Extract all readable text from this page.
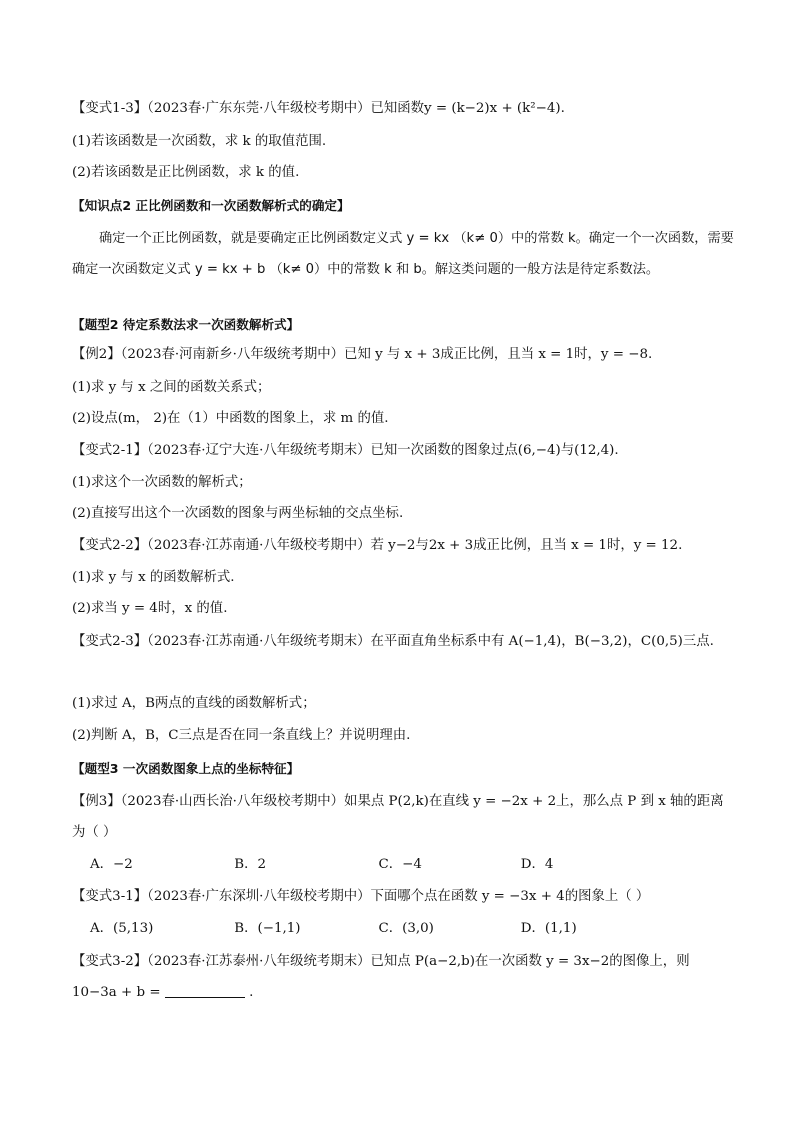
【变式1-3】（2023春·广东东莞·八年级校考期中）已知函数y = (k−2)x + (k²−4).
(1)若该函数是一次函数，求 k 的取值范围.
(2)若该函数是正比例函数，求 k 的值.
【知识点2 正比例函数和一次函数解析式的确定】
确定一个正比例函数，就是要确定正比例函数定义式 y = kx （k≠ 0）中的常数 k。确定一个一次函数，需要确定一次函数定义式 y = kx + b （k≠ 0）中的常数 k 和 b。解这类问题的一般方法是待定系数法。
【题型2 待定系数法求一次函数解析式】
【例2】（2023春·河南新乡·八年级统考期中）已知 y 与 x + 3成正比例，且当 x = 1时，y = −8.
(1)求 y 与 x 之间的函数关系式；
(2)设点(m， 2)在（1）中函数的图象上，求 m 的值.
【变式2-1】（2023春·辽宁大连·八年级统考期末）已知一次函数的图象过点(6,−4)与(12,4).
(1)求这个一次函数的解析式；
(2)直接写出这个一次函数的图象与两坐标轴的交点坐标.
【变式2-2】（2023春·江苏南通·八年级校考期中）若 y−2与2x + 3成正比例，且当 x = 1时，y = 12.
(1)求 y 与 x 的函数解析式.
(2)求当 y = 4时，x 的值.
【变式2-3】（2023春·江苏南通·八年级统考期末）在平面直角坐标系中有 A(−1,4)，B(−3,2)，C(0,5)三点.
(1)求过 A，B两点的直线的函数解析式；
(2)判断 A，B，C三点是否在同一条直线上？并说明理由.
【题型3 一次函数图象上点的坐标特征】
【例3】（2023春·山西长治·八年级校考期中）如果点 P(2,k)在直线 y = −2x + 2上，那么点 P 到 x 轴的距离为（ ）
A．−2	B．2	C．−4	D．4
【变式3-1】（2023春·广东深圳·八年级校考期中）下面哪个点在函数 y = −3x + 4的图象上（ ）
A．(5,13)	B．(−1,1)	C．(3,0)	D．(1,1)
【变式3-2】（2023春·江苏泰州·八年级统考期末）已知点 P(a−2,b)在一次函数 y = 3x−2的图像上，则
10−3a + b =	.
